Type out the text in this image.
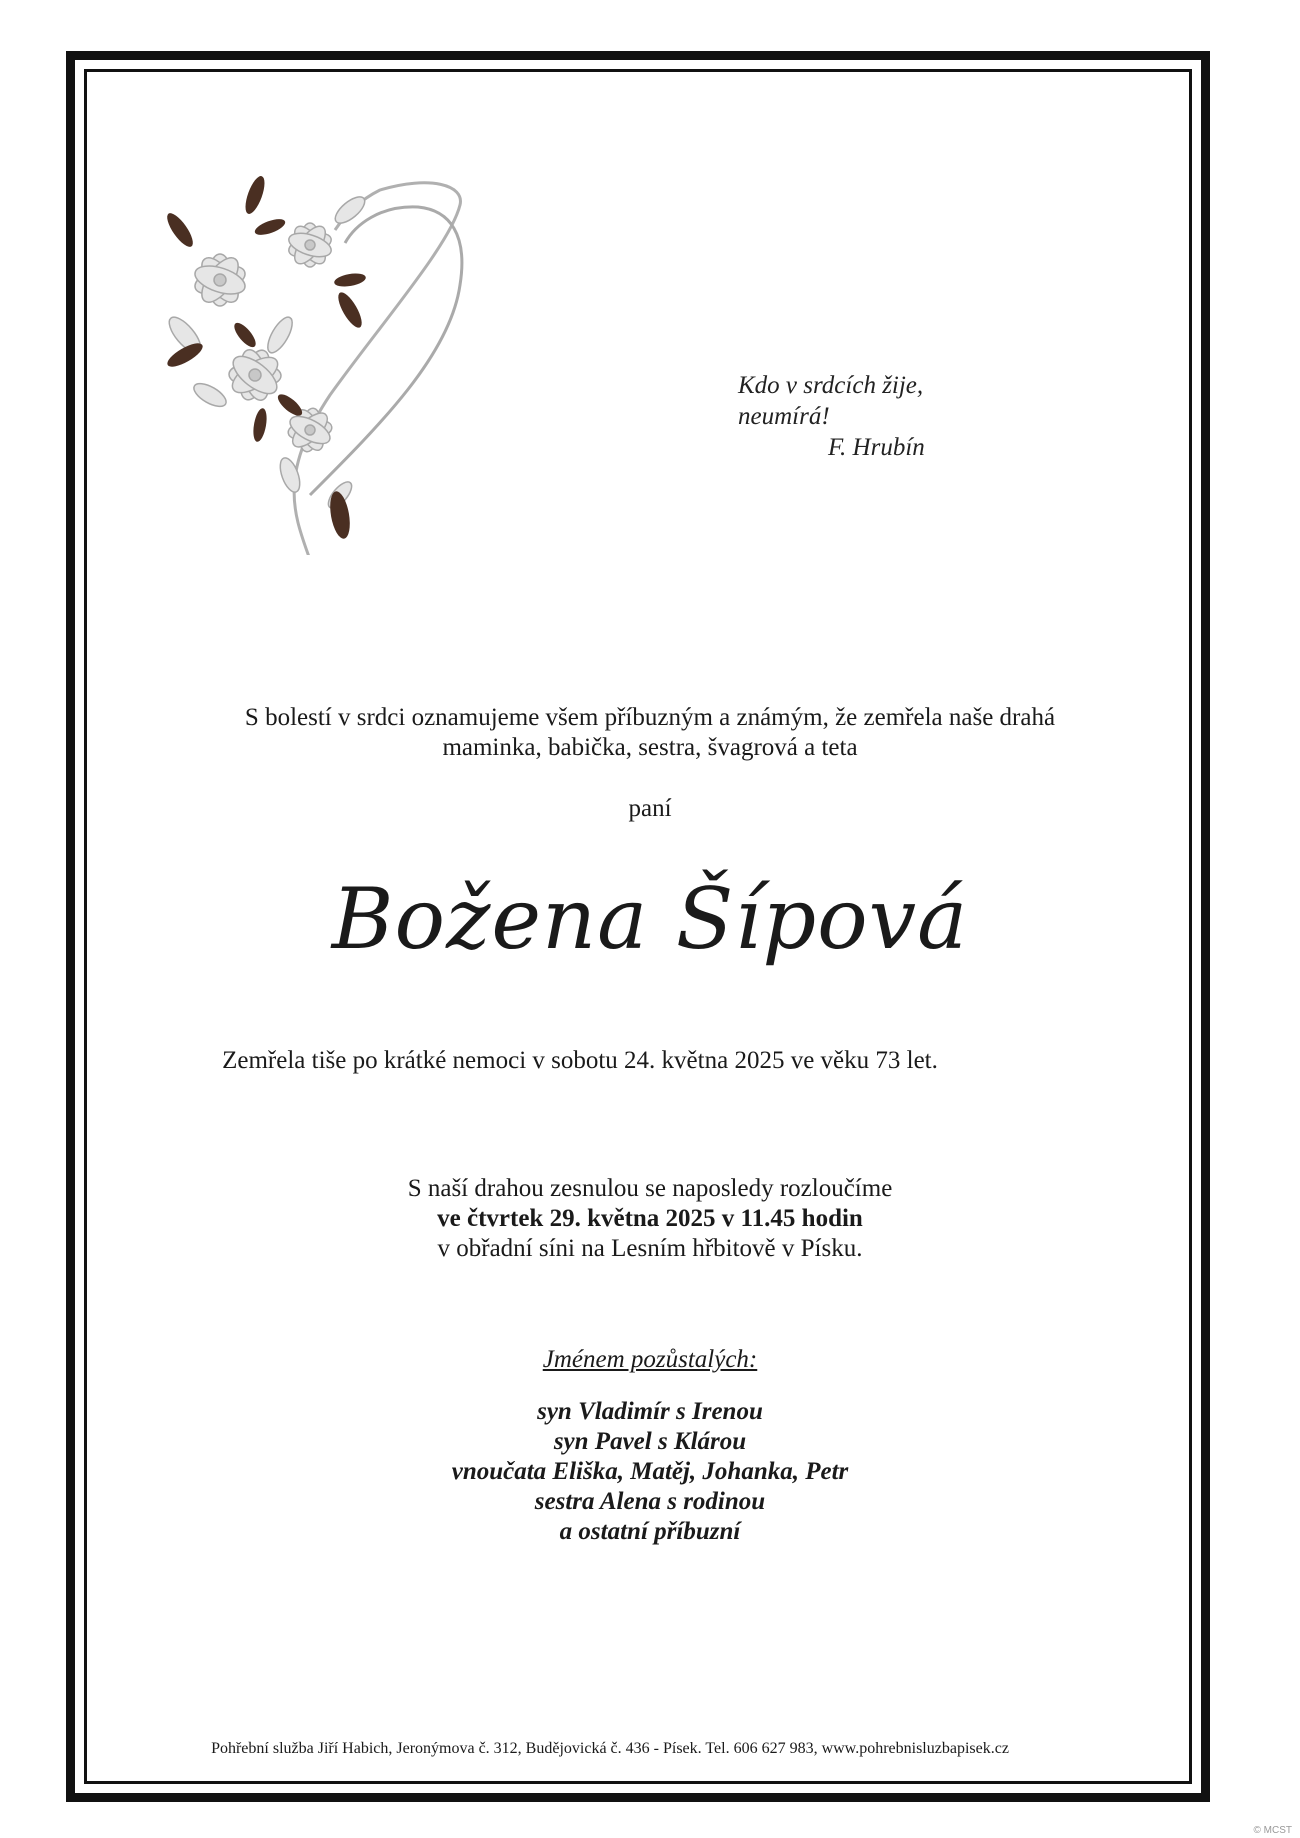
Kdo v srdcích žije,
neumírá!
F. Hrubín
S bolestí v srdci oznamujeme všem příbuzným a známým, že zemřela naše drahá
maminka, babička, sestra, švagrová a teta
paní
Božena Šípová
Zemřela tiše po krátké nemoci v sobotu 24. května 2025 ve věku 73 let.
S naší drahou zesnulou se naposledy rozloučíme
ve čtvrtek 29. května 2025 v 11.45 hodin
v obřadní síni na Lesním hřbitově v Písku.
Jménem pozůstalých:
syn Vladimír s Irenou
syn Pavel s Klárou
vnoučata Eliška, Matěj, Johanka, Petr
sestra Alena s rodinou
a ostatní příbuzní
Pohřební služba Jiří Habich, Jeronýmova č. 312, Budějovická č. 436 - Písek. Tel. 606 627 983, www.pohrebnisluzbapisek.cz
© MCST
